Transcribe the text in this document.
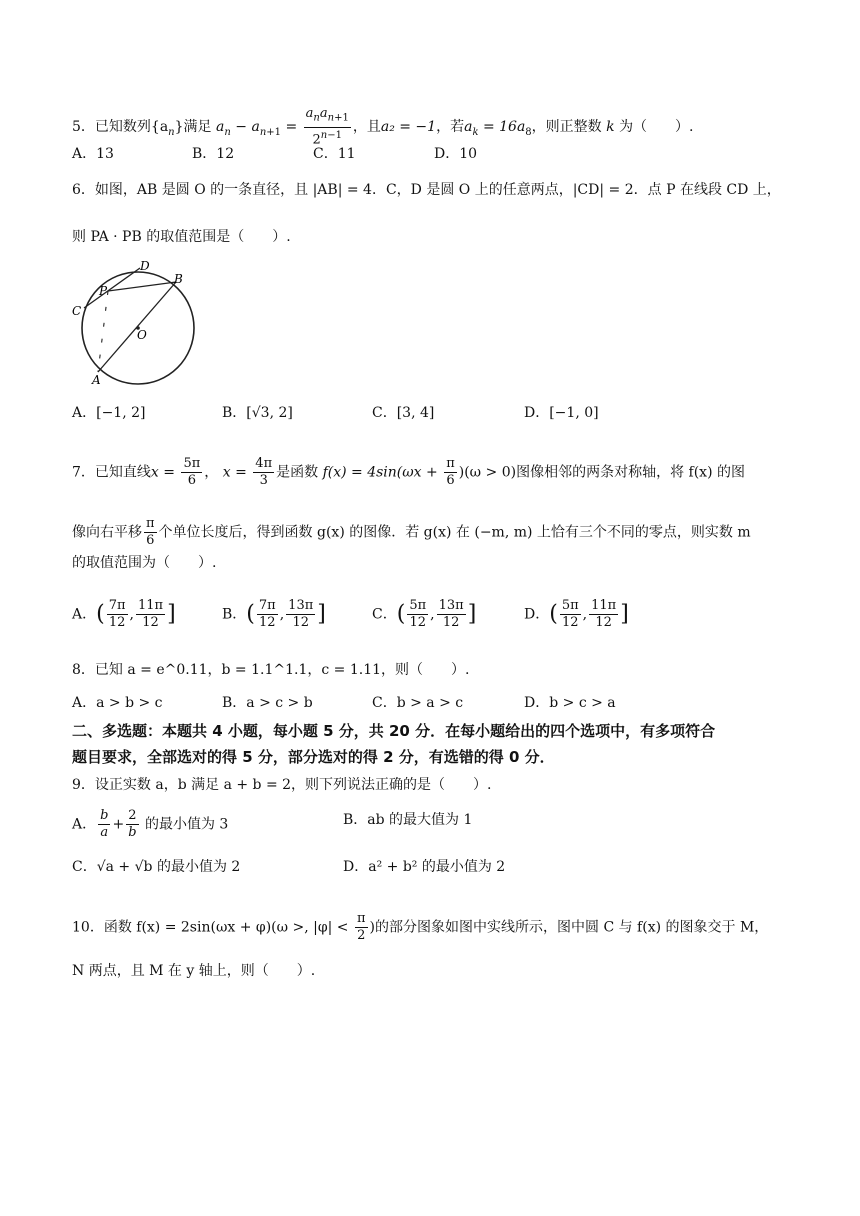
5．已知数列$\{a_n\}$满足 $a_n - a_{n+1} = \frac{a_na_{n+1}}{2^{n-1}}$ ，且a₂ = −1，若$a_k = 16a_8$，则正整数 k 为（　　）.
A．13	B．12	C．11	D．10
6．如图，AB 是圆 O 的一条直径，且 |AB| = 4．C，D 是圆 O 上的任意两点，|CD| = 2．点 P 在线段 CD 上，
则 PA · PB 的取值范围是（　　）.
D
B
P
C
O
A
A．[−1, 2]	B．[√3, 2]	C．[3, 4]	D．[−1, 0]
7．已知直线$x = \frac{5\pi}{6}$ ， $x = \frac{4\pi}{3}$ 是函数 $f(x) = 4\sin(\omega x + \frac{\pi}{6} )(\omega > 0)$图像相邻的两条对称轴，将 f(x) 的图
像向右平移 $\frac{\pi}{6}$ 个单位长度后，得到函数 g(x) 的图像．若 g(x) 在 (−m, m) 上恰有三个不同的零点，则实数 m
的取值范围为（　　）.
A．( $\frac{7\pi}{12}$ , $\frac{11\pi}{12}$ ]	B．( $\frac{7\pi}{12}$ , $\frac{13\pi}{12}$ ]	C．( $\frac{5\pi}{12}$ , $\frac{13\pi}{12}$ ]	D．( $\frac{5\pi}{12}$ , $\frac{11\pi}{12}$ ]
8．已知 a = e^0.11，b = 1.1^1.1，c = 1.11，则（　　）.
A．a > b > c	B．a > c > b	C．b > a > c	D．b > c > a
二、多选题：本题共 4 小题，每小题 5 分，共 20 分．在每小题给出的四个选项中，有多项符合
题目要求，全部选对的得 5 分，部分选对的得 2 分，有选错的得 0 分．
9．设正实数 a，b 满足 a + b = 2，则下列说法正确的是（　　）.
A． $\frac{b}{a} + \frac{2}{b}$ 的最小值为 3	B．ab 的最大值为 1
C．√a + √b 的最小值为 2	D．a² + b² 的最小值为 2
10．函数 f(x) = 2sin(ωx + φ)(ω >, $|\varphi| < \frac{\pi}{2}$ )的部分图象如图中实线所示，图中圆 C 与 f(x) 的图象交于 M，
N 两点，且 M 在 y 轴上，则（　　）.
